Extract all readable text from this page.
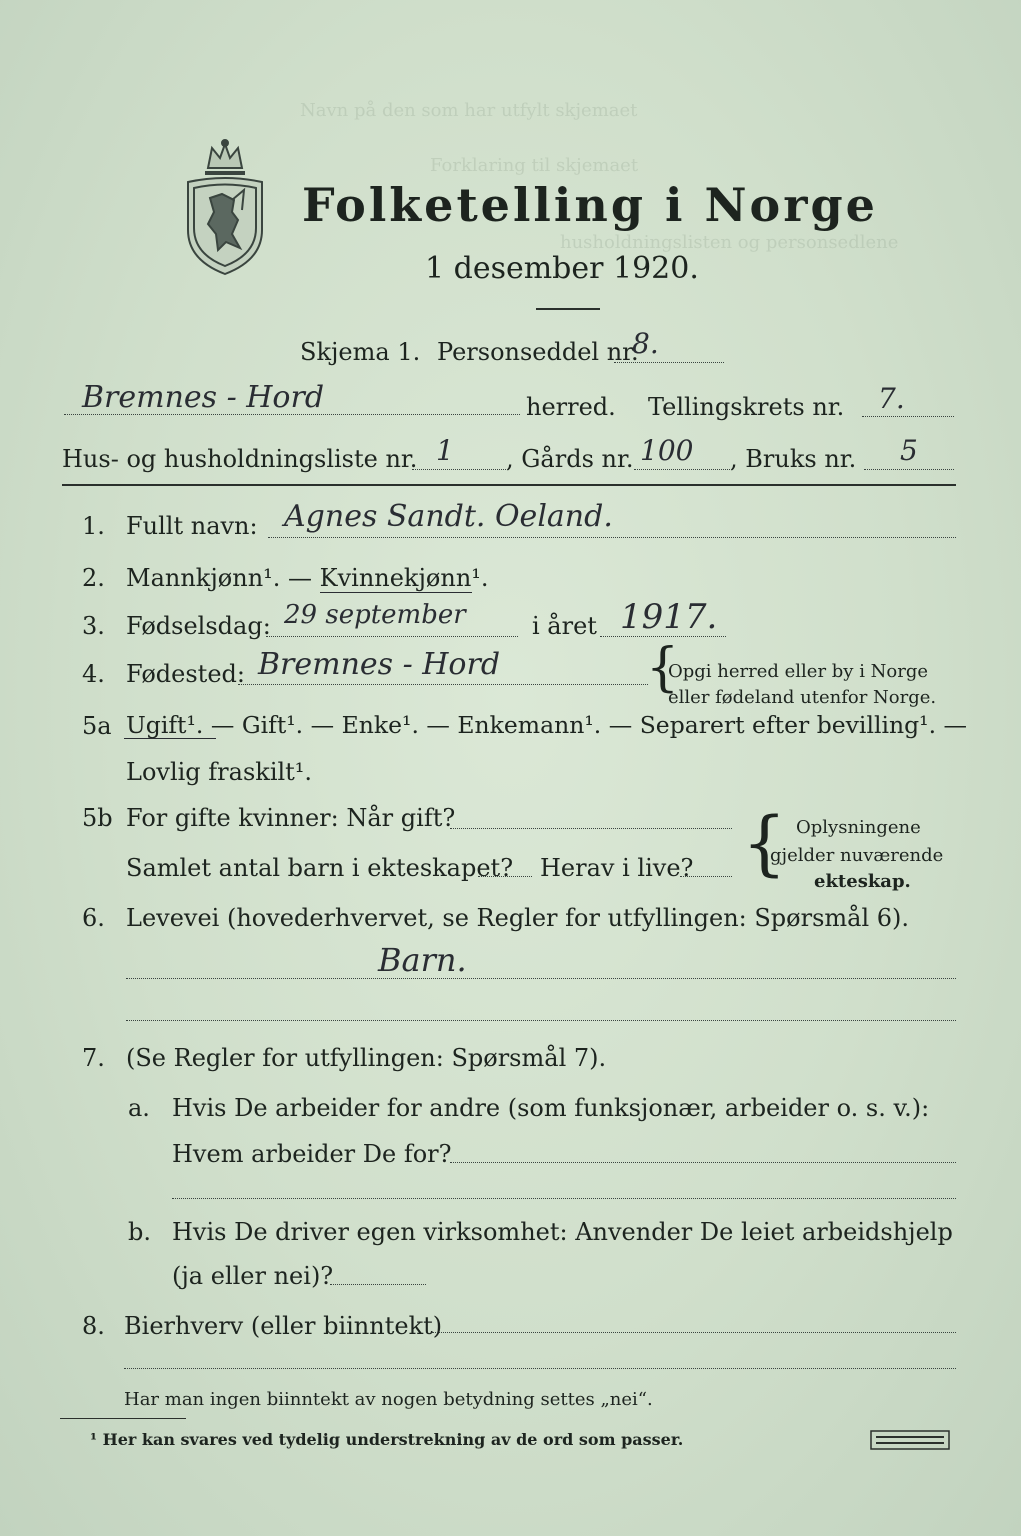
Navn på den som har utfylt skjemaet
Forklaring til skjemaet
husholdningslisten og personsedlene
Folketelling i Norge
1 desember 1920.
Skjema 1. Personseddel nr.
8.
Bremnes - Hord	herred. Tellingskrets nr. 7.
Hus- og husholdningsliste nr. 1 , Gårds nr. 100 , Bruks nr. 5
1. Fullt navn: Agnes Sandt. Oeland.
2. Mannkjønn¹. — Kvinnekjønn¹.
3. Fødselsdag: 29 september	i året 1917.
4. Fødested: Bremnes - Hord	{
Opgi herred eller by i Norge
eller fødeland utenfor Norge.
5a Ugift¹. — Gift¹. — Enke¹. — Enkemann¹. — Separert efter bevilling¹. —
Lovlig fraskilt¹.
5b For gifte kvinner: Når gift?
Samlet antal barn i ekteskapet? Herav i live? { Oplysningene
gjelder nuværende
ekteskap.
6. Levevei (hovederhvervet, se Regler for utfyllingen: Spørsmål 6).
Barn.
7. (Se Regler for utfyllingen: Spørsmål 7).
a. Hvis De arbeider for andre (som funksjonær, arbeider o. s. v.):
Hvem arbeider De for?
b. Hvis De driver egen virksomhet: Anvender De leiet arbeidshjelp
(ja eller nei)?
8. Bierhverv (eller biinntekt)
Har man ingen biinntekt av nogen betydning settes „nei“.
¹ Her kan svares ved tydelig understrekning av de ord som passer.
